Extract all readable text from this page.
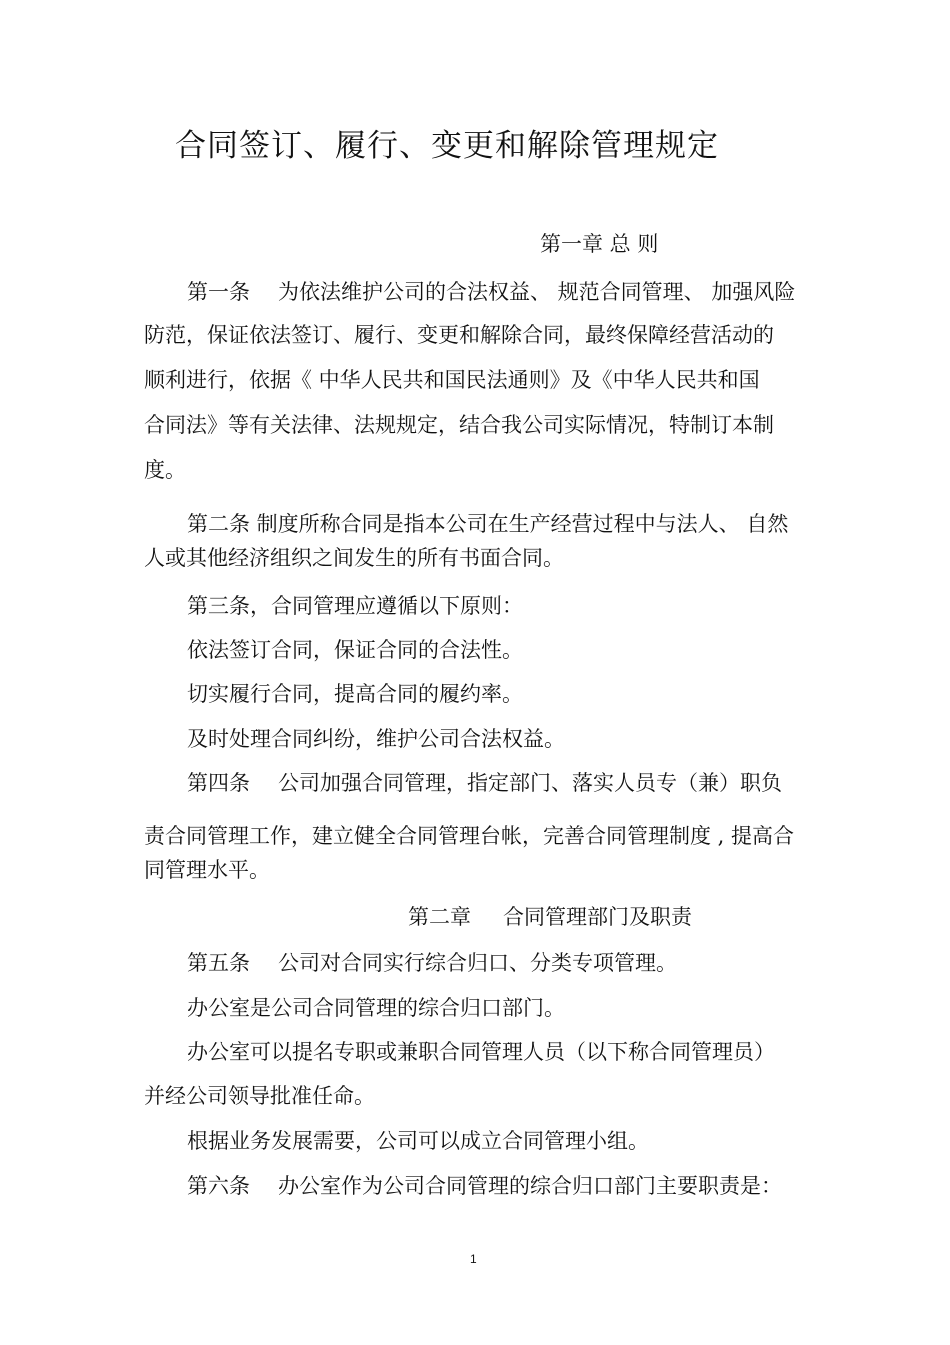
合同签订、履行、变更和解除管理规定
第一章 总 则
第一条 为依法维护公司的合法权益、 规范合同管理、 加强风险
防范，保证依法签订、履行、变更和解除合同，最终保障经营活动的
顺利进行，依据《 中华人民共和国民法通则》及《中华人民共和国
合同法》等有关法律、法规规定，结合我公司实际情况，特制订本制
度。
第二条 制度所称合同是指本公司在生产经营过程中与法人、 自然
人或其他经济组织之间发生的所有书面合同。
第三条，合同管理应遵循以下原则：
依法签订合同，保证合同的合法性。
切实履行合同，提高合同的履约率。
及时处理合同纠纷，维护公司合法权益。
第四条 公司加强合同管理，指定部门、落实人员专（兼）职负
责合同管理工作，建立健全合同管理台帐，完善合同管理制度 , 提高合
同管理水平。
第二章 合同管理部门及职责
第五条 公司对合同实行综合归口、分类专项管理。
办公室是公司合同管理的综合归口部门。
办公室可以提名专职或兼职合同管理人员（以下称合同管理员）
并经公司领导批准任命。
根据业务发展需要，公司可以成立合同管理小组。
第六条 办公室作为公司合同管理的综合归口部门主要职责是：
1
